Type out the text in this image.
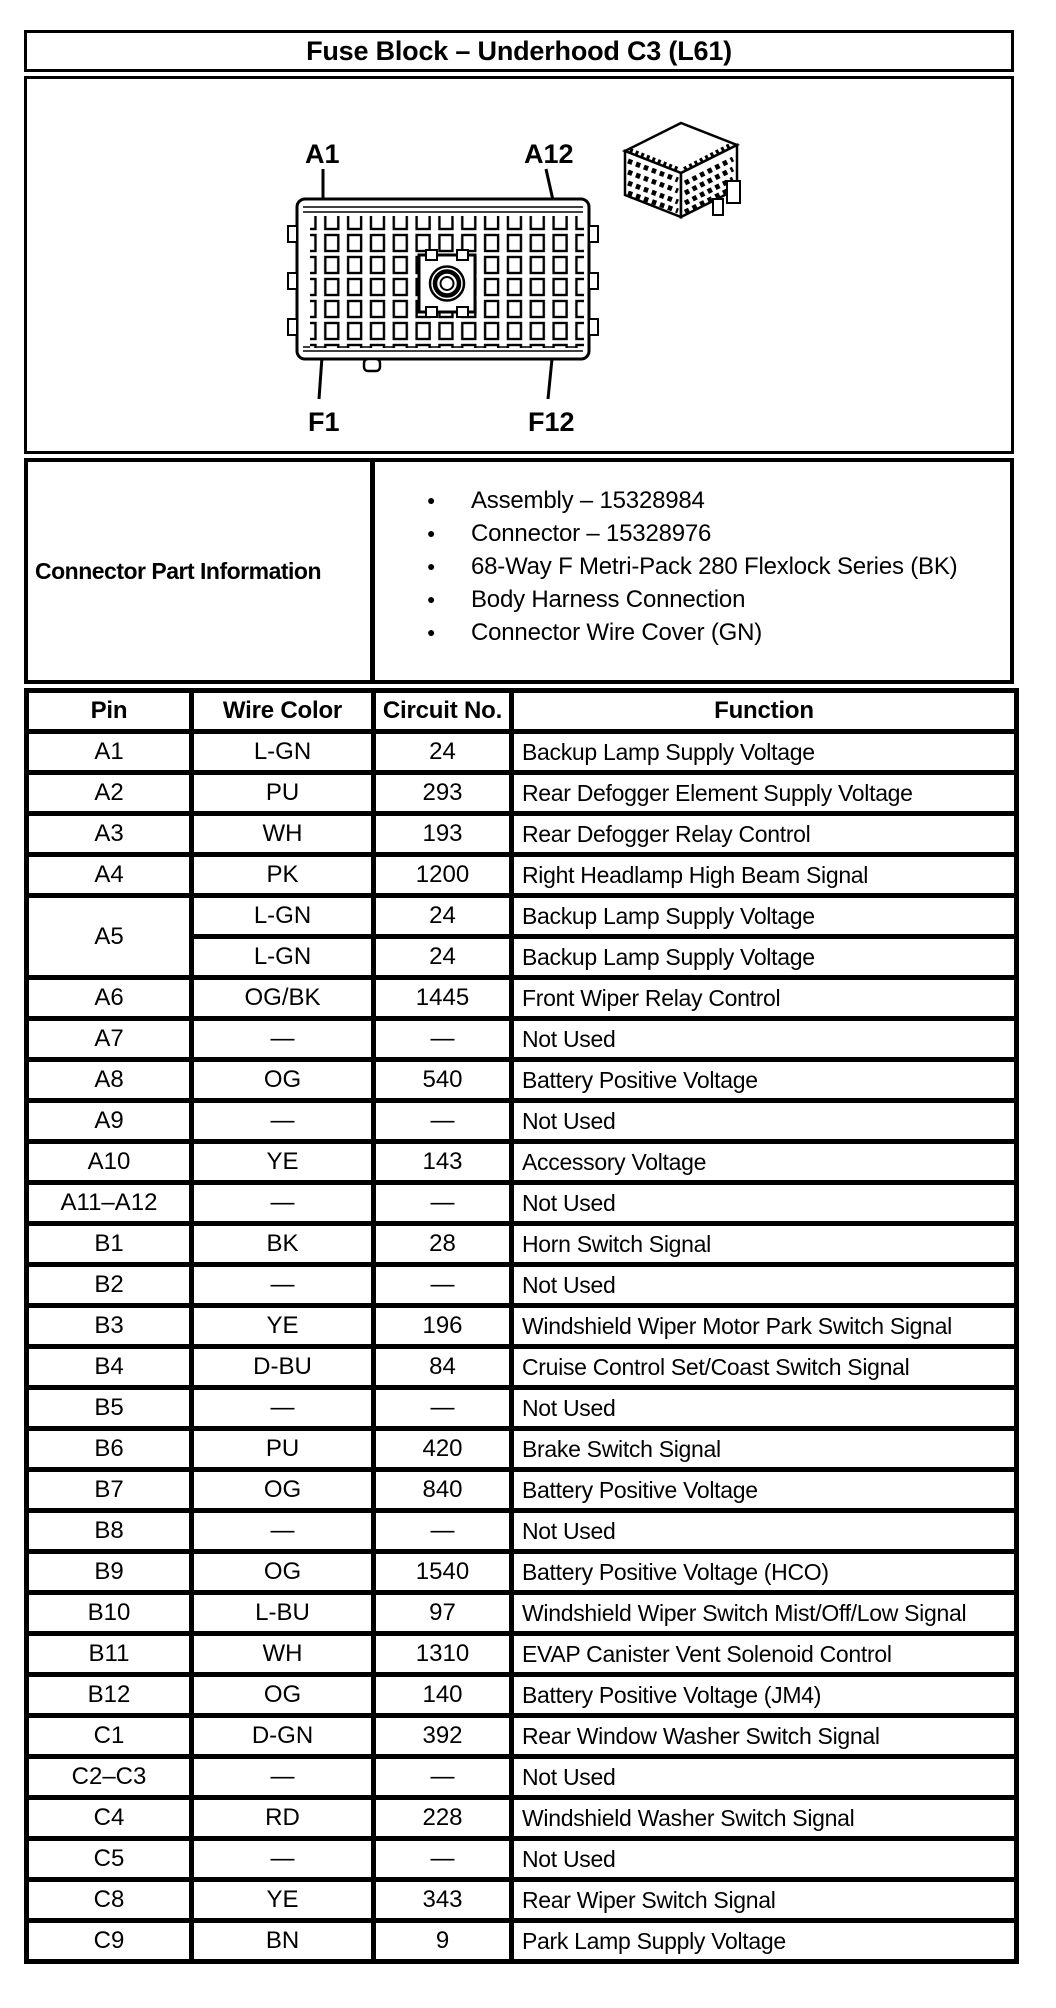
Fuse Block – Underhood C3 (L61)
A1	A12
F1	F12
Connector Part Information
● Assembly – 15328984
● Connector – 15328976
● 68-Way F Metri-Pack 280 Flexlock Series (BK)
● Body Harness Connection
● Connector Wire Cover (GN)
Pin	Wire Color	Circuit No.	Function
A1	L-GN	24	Backup Lamp Supply Voltage
A2	PU	293	Rear Defogger Element Supply Voltage
A3	WH	193	Rear Defogger Relay Control
A4	PK	1200	Right Headlamp High Beam Signal
A5	L-GN	24	Backup Lamp Supply Voltage
	L-GN	24	Backup Lamp Supply Voltage
A6	OG/BK	1445	Front Wiper Relay Control
A7	—	—	Not Used
A8	OG	540	Battery Positive Voltage
A9	—	—	Not Used
A10	YE	143	Accessory Voltage
A11–A12	—	—	Not Used
B1	BK	28	Horn Switch Signal
B2	—	—	Not Used
B3	YE	196	Windshield Wiper Motor Park Switch Signal
B4	D-BU	84	Cruise Control Set/Coast Switch Signal
B5	—	—	Not Used
B6	PU	420	Brake Switch Signal
B7	OG	840	Battery Positive Voltage
B8	—	—	Not Used
B9	OG	1540	Battery Positive Voltage (HCO)
B10	L-BU	97	Windshield Wiper Switch Mist/Off/Low Signal
B11	WH	1310	EVAP Canister Vent Solenoid Control
B12	OG	140	Battery Positive Voltage (JM4)
C1	D-GN	392	Rear Window Washer Switch Signal
C2–C3	—	—	Not Used
C4	RD	228	Windshield Washer Switch Signal
C5	—	—	Not Used
C8	YE	343	Rear Wiper Switch Signal
C9	BN	9	Park Lamp Supply Voltage
